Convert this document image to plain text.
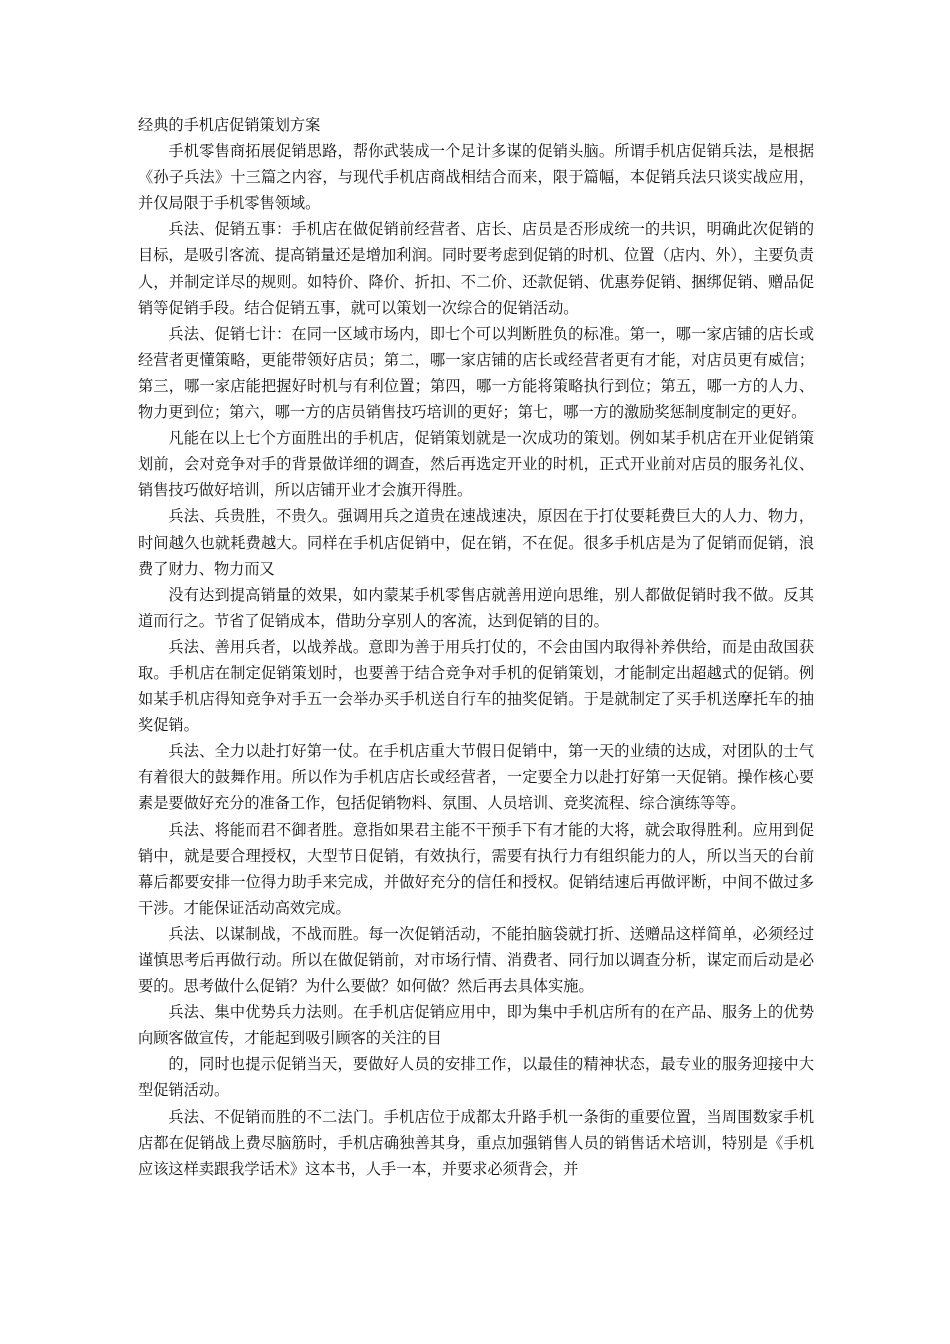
经典的手机店促销策划方案

手机零售商拓展促销思路，帮你武装成一个足计多谋的促销头脑。所谓手机店促销兵法，是根据《孙子兵法》十三篇之内容，与现代手机店商战相结合而来，限于篇幅，本促销兵法只谈实战应用，并仅局限于手机零售领域。

兵法、促销五事：手机店在做促销前经营者、店长、店员是否形成统一的共识，明确此次促销的目标，是吸引客流、提高销量还是增加利润。同时要考虑到促销的时机、位置（店内、外），主要负责人，并制定详尽的规则。如特价、降价、折扣、不二价、还款促销、优惠券促销、捆绑促销、赠品促销等促销手段。结合促销五事，就可以策划一次综合的促销活动。

兵法、促销七计：在同一区域市场内，即七个可以判断胜负的标准。第一，哪一家店铺的店长或经营者更懂策略，更能带领好店员；第二，哪一家店铺的店长或经营者更有才能，对店员更有威信；第三，哪一家店能把握好时机与有利位置；第四，哪一方能将策略执行到位；第五，哪一方的人力、物力更到位；第六，哪一方的店员销售技巧培训的更好；第七，哪一方的激励奖惩制度制定的更好。

凡能在以上七个方面胜出的手机店，促销策划就是一次成功的策划。例如某手机店在开业促销策划前，会对竞争对手的背景做详细的调查，然后再选定开业的时机，正式开业前对店员的服务礼仪、销售技巧做好培训，所以店铺开业才会旗开得胜。

兵法、兵贵胜，不贵久。强调用兵之道贵在速战速决，原因在于打仗要耗费巨大的人力、物力，时间越久也就耗费越大。同样在手机店促销中，促在销，不在促。很多手机店是为了促销而促销，浪费了财力、物力而又

没有达到提高销量的效果，如内蒙某手机零售店就善用逆向思维，别人都做促销时我不做。反其道而行之。节省了促销成本，借助分享别人的客流，达到促销的目的。

兵法、善用兵者，以战养战。意即为善于用兵打仗的，不会由国内取得补养供给，而是由敌国获取。手机店在制定促销策划时，也要善于结合竞争对手机的促销策划，才能制定出超越式的促销。例如某手机店得知竞争对手五一会举办买手机送自行车的抽奖促销。于是就制定了买手机送摩托车的抽奖促销。

兵法、全力以赴打好第一仗。在手机店重大节假日促销中，第一天的业绩的达成，对团队的士气有着很大的鼓舞作用。所以作为手机店店长或经营者，一定要全力以赴打好第一天促销。操作核心要素是要做好充分的准备工作，包括促销物料、氛围、人员培训、竞奖流程、综合演练等等。

兵法、将能而君不御者胜。意指如果君主能不干预手下有才能的大将，就会取得胜利。应用到促销中，就是要合理授权，大型节日促销，有效执行，需要有执行力有组织能力的人，所以当天的台前幕后都要安排一位得力助手来完成，并做好充分的信任和授权。促销结速后再做评断，中间不做过多干涉。才能保证活动高效完成。

兵法、以谋制战，不战而胜。每一次促销活动，不能拍脑袋就打折、送赠品这样简单，必须经过谨慎思考后再做行动。所以在做促销前，对市场行情、消费者、同行加以调查分析，谋定而后动是必要的。思考做什么促销？为什么要做？如何做？然后再去具体实施。

兵法、集中优势兵力法则。在手机店促销应用中，即为集中手机店所有的在产品、服务上的优势向顾客做宣传，才能起到吸引顾客的关注的目

的，同时也提示促销当天，要做好人员的安排工作，以最佳的精神状态，最专业的服务迎接中大型促销活动。

兵法、不促销而胜的不二法门。手机店位于成都太升路手机一条街的重要位置，当周围数家手机店都在促销战上费尽脑筋时，手机店确独善其身，重点加强销售人员的销售话术培训，特别是《手机应该这样卖跟我学话术》这本书，人手一本，并要求必须背会，并
